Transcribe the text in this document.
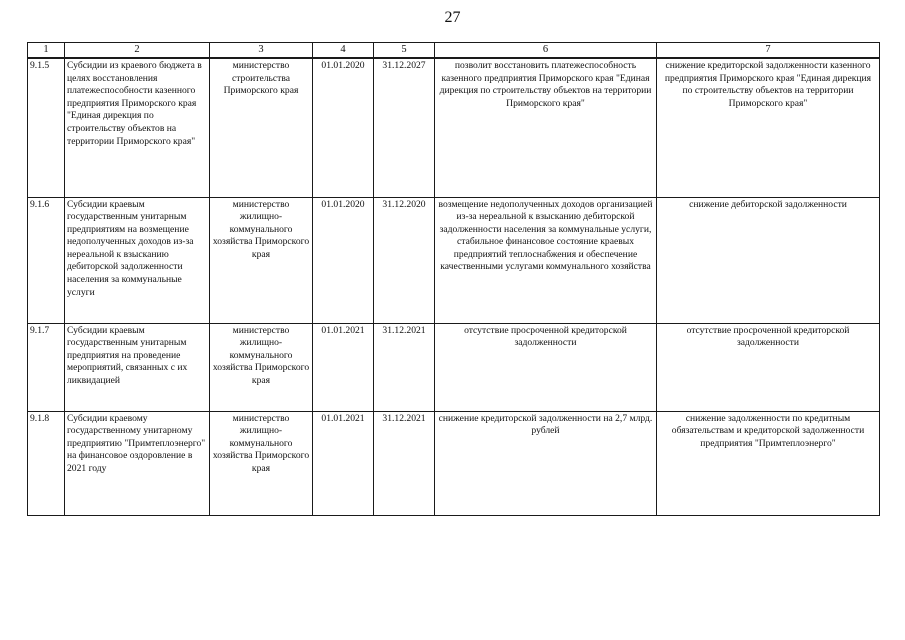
27
1	2	3	4	5	6	7
9.1.5	Субсидии из краевого бюджета в целях восстановления платежеспособности казенного предприятия Приморского края "Единая дирекция по строительству объектов на территории Приморского края"	министерство строительства Приморского края	01.01.2020	31.12.2027	позволит восстановить платежеспособность казенного предприятия Приморского края "Единая дирекция по строительству объектов на территории Приморского края"	снижение кредиторской задолженности казенного предприятия Приморского края "Единая дирекция по строительству объектов на территории Приморского края"
9.1.6	Субсидии краевым государственным унитарным предприятиям на возмещение недополученных доходов из-за нереальной к взысканию дебиторской задолженности населения за коммунальные услуги	министерство жилищно-коммунального хозяйства Приморского края	01.01.2020	31.12.2020	возмещение недополученных доходов организацией из-за нереальной к взысканию дебиторской задолженности населения за коммунальные услуги, стабильное финансовое состояние краевых предприятий теплоснабжения и обеспечение качественными услугами коммунального хозяйства	снижение дебиторской задолженности
9.1.7	Субсидии краевым государственным унитарным предприятия на проведение мероприятий, связанных с их ликвидацией	министерство жилищно-коммунального хозяйства Приморского края	01.01.2021	31.12.2021	отсутствие просроченной кредиторской задолженности	отсутствие просроченной кредиторской задолженности
9.1.8	Субсидии краевому государственному унитарному предприятию "Примтеплоэнерго" на финансовое оздоровление в 2021 году	министерство жилищно-коммунального хозяйства Приморского края	01.01.2021	31.12.2021	снижение кредиторской задолженности на 2,7 млрд. рублей	снижение задолженности по кредитным обязательствам и кредиторской задолженности предприятия "Примтеплоэнерго"
